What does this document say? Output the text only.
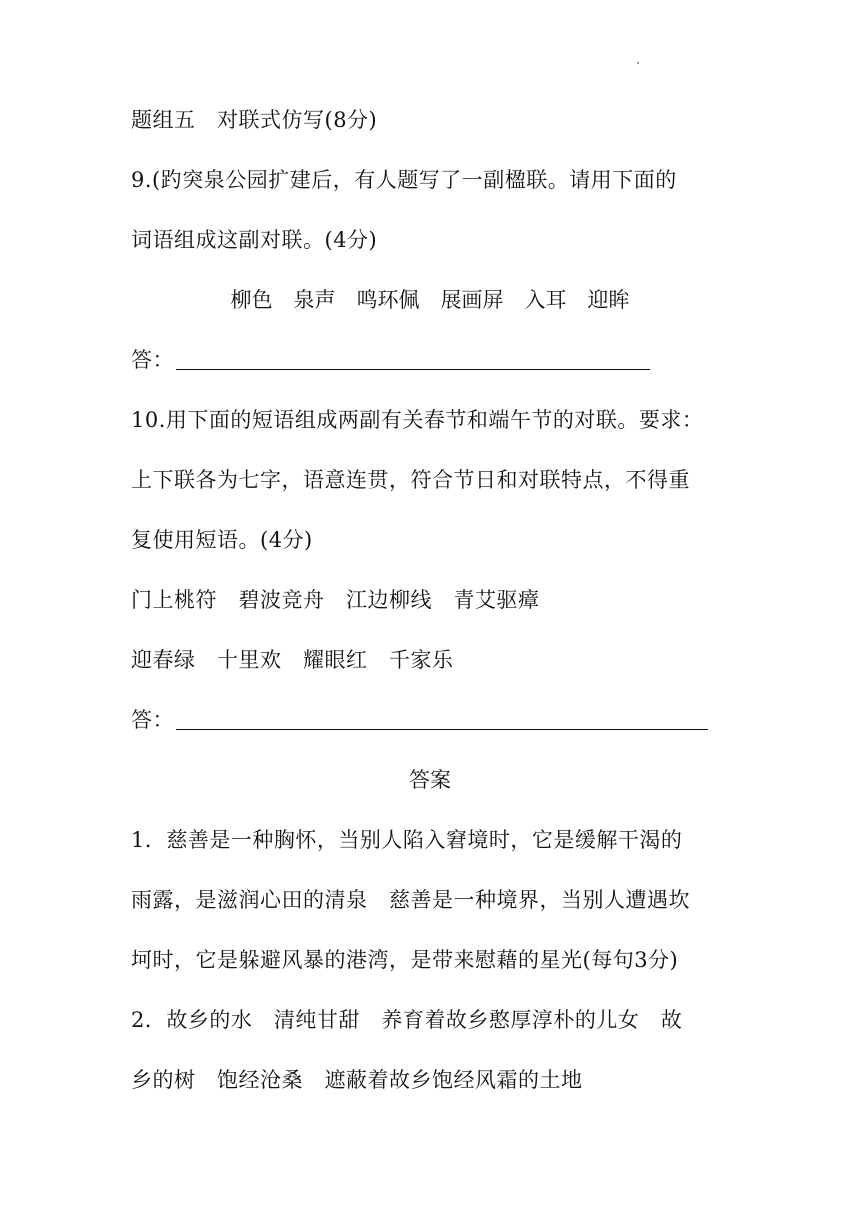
题组五　对联式仿写(8分)
9.(趵突泉公园扩建后，有人题写了一副楹联。请用下面的
词语组成这副对联。(4分)
柳色　泉声　鸣环佩　展画屏　入耳　迎眸
答：
10.用下面的短语组成两副有关春节和端午节的对联。要求：
上下联各为七字，语意连贯，符合节日和对联特点，不得重
复使用短语。(4分)
门上桃符　碧波竞舟　江边柳线　青艾驱瘴
迎春绿　十里欢　耀眼红　千家乐
答：
答案
1．慈善是一种胸怀，当别人陷入窘境时，它是缓解干渴的
雨露，是滋润心田的清泉　慈善是一种境界，当别人遭遇坎
坷时，它是躲避风暴的港湾，是带来慰藉的星光(每句3分)
2．故乡的水　清纯甘甜　养育着故乡憨厚淳朴的儿女　故
乡的树　饱经沧桑　遮蔽着故乡饱经风霜的土地
